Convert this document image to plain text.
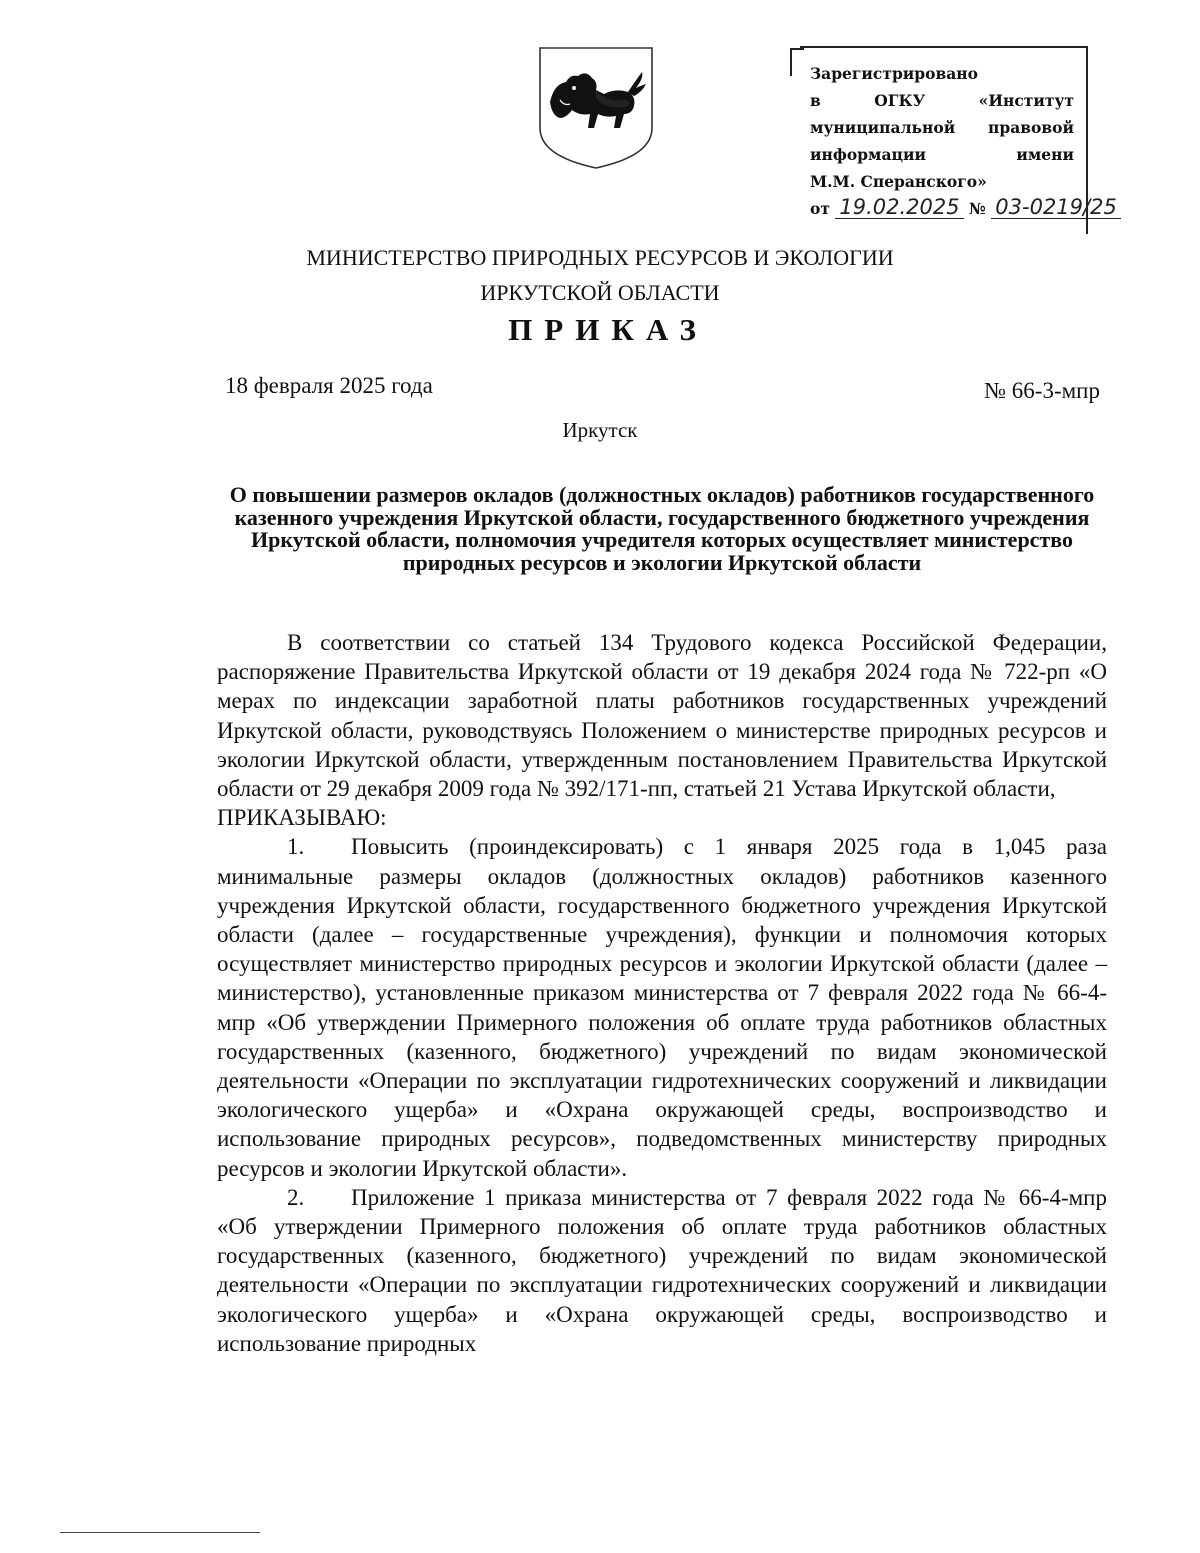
Зарегистрировано
в ОГКУ «Институт
муниципальной правовой
информации имени
М.М. Сперанского»
от 19.02.2025 № 03-0219/25
МИНИСТЕРСТВО ПРИРОДНЫХ РЕСУРСОВ И ЭКОЛОГИИ
ИРКУТСКОЙ ОБЛАСТИ
ПРИКАЗ
18 февраля 2025 года	№ 66-3-мпр
Иркутск
О повышении размеров окладов (должностных окладов) работников государственного казенного учреждения Иркутской области, государственного бюджетного учреждения Иркутской области, полномочия учредителя которых осуществляет министерство природных ресурсов и экологии Иркутской области

В соответствии со статьей 134 Трудового кодекса Российской Федерации, распоряжение Правительства Иркутской области от 19 декабря 2024 года № 722-рп «О мерах по индексации заработной платы работников государственных учреждений Иркутской области, руководствуясь Положением о министерстве природных ресурсов и экологии Иркутской области, утвержденным постановлением Правительства Иркутской области от 29 декабря 2009 года № 392/171-пп, статьей 21 Устава Иркутской области,

ПРИКАЗЫВАЮ:

1. Повысить (проиндексировать) с 1 января 2025 года в 1,045 раза минимальные размеры окладов (должностных окладов) работников казенного учреждения Иркутской области, государственного бюджетного учреждения Иркутской области (далее – государственные учреждения), функции и полномочия которых осуществляет министерство природных ресурсов и экологии Иркутской области (далее – министерство), установленные приказом министерства от 7 февраля 2022 года № 66-4-мпр «Об утверждении Примерного положения об оплате труда работников областных государственных (казенного, бюджетного) учреждений по видам экономической деятельности «Операции по эксплуатации гидротехнических сооружений и ликвидации экологического ущерба» и «Охрана окружающей среды, воспроизводство и использование природных ресурсов», подведомственных министерству природных ресурсов и экологии Иркутской области».

2. Приложение 1 приказа министерства от 7 февраля 2022 года № 66-4-мпр «Об утверждении Примерного положения об оплате труда работников областных государственных (казенного, бюджетного) учреждений по видам экономической деятельности «Операции по эксплуатации гидротехнических сооружений и ликвидации экологического ущерба» и «Охрана окружающей среды, воспроизводство и использование природных
